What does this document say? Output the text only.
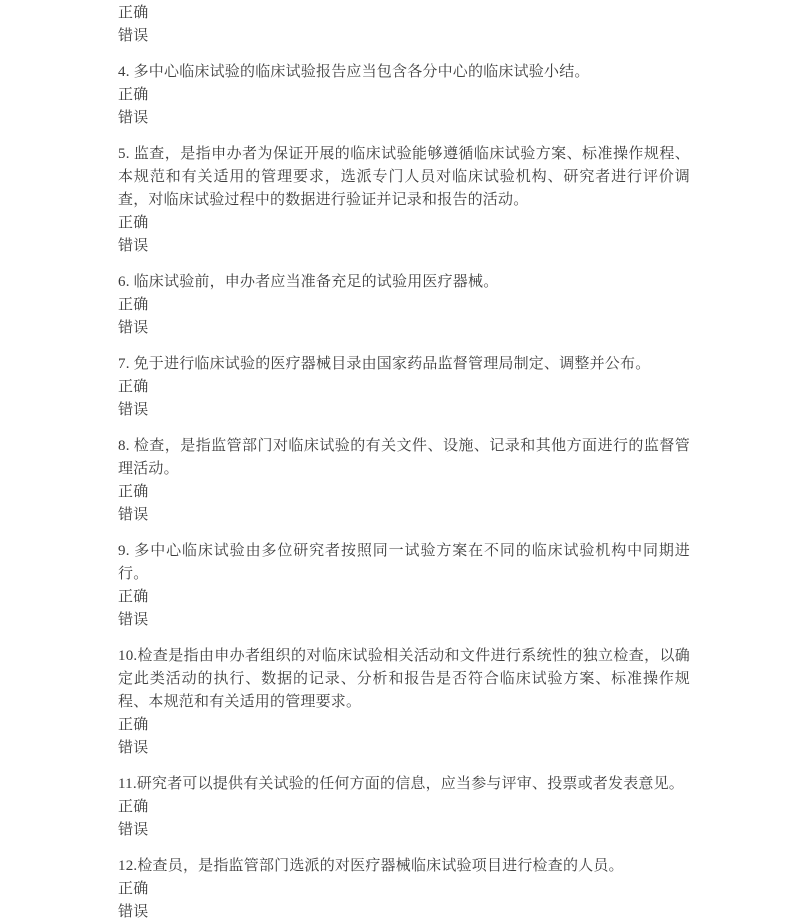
正确

错误

4. 多中心临床试验的临床试验报告应当包含各分中心的临床试验小结。

正确

错误

5. 监查，是指申办者为保证开展的临床试验能够遵循临床试验方案、标准操作规程、本规范和有关适用的管理要求，选派专门人员对临床试验机构、研究者进行评价调查，对临床试验过程中的数据进行验证并记录和报告的活动。

正确

错误

6. 临床试验前，申办者应当准备充足的试验用医疗器械。

正确

错误

7. 免于进行临床试验的医疗器械目录由国家药品监督管理局制定、调整并公布。

正确

错误

8. 检查，是指监管部门对临床试验的有关文件、设施、记录和其他方面进行的监督管理活动。

正确

错误

9. 多中心临床试验由多位研究者按照同一试验方案在不同的临床试验机构中同期进行。

正确

错误

10.检查是指由申办者组织的对临床试验相关活动和文件进行系统性的独立检查，以确定此类活动的执行、数据的记录、分析和报告是否符合临床试验方案、标准操作规程、本规范和有关适用的管理要求。

正确

错误

11.研究者可以提供有关试验的任何方面的信息，应当参与评审、投票或者发表意见。

正确

错误

12.检查员，是指监管部门选派的对医疗器械临床试验项目进行检查的人员。

正确

错误
